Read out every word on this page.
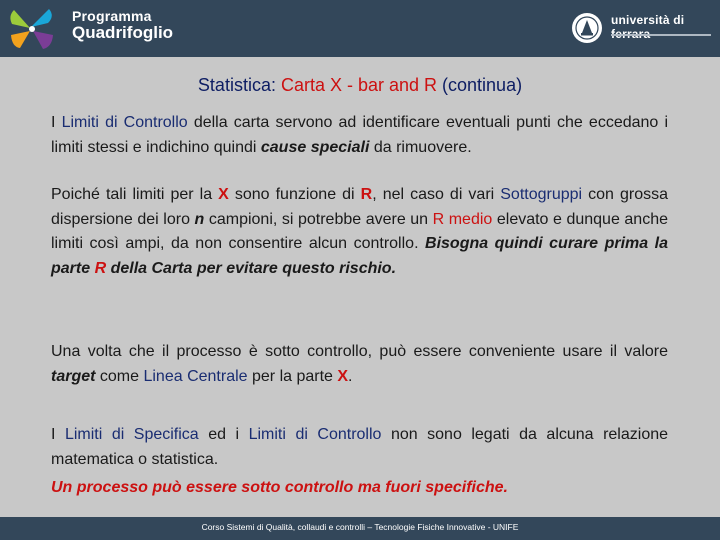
Programma
Quadrifoglio
università di
Statistica: Carta X - bar and R (continua)
I Limiti di Controllo della carta servono ad identificare eventuali punti che eccedano i limiti stessi e indichino quindi cause speciali da rimuovere.
Poiché tali limiti per la X sono funzione di R, nel caso di vari Sottogruppi con grossa dispersione dei loro n campioni, si potrebbe avere un R medio elevato e dunque anche limiti così ampi, da non consentire alcun controllo. Bisogna quindi curare prima la parte R della Carta per evitare questo rischio.
Una volta che il processo è sotto controllo, può essere conveniente usare il valore target come Linea Centrale per la parte X.
I Limiti di Specifica ed i Limiti di Controllo non sono legati da alcuna relazione matematica o statistica.
Un processo può essere sotto controllo ma fuori specifiche.
Corso Sistemi di Qualità, collaudi e controlli – Tecnologie Fisiche Innovative - UNIFE
